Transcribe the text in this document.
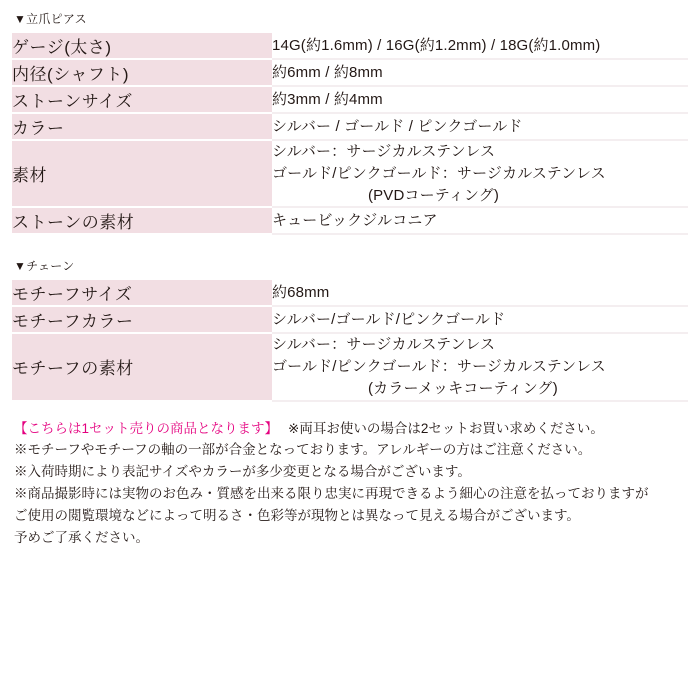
▼立爪ピアス
ゲージ(太さ)	14G(約1.6mm) / 16G(約1.2mm) / 18G(約1.0mm)

内径(シャフト)	約6mm / 約8mm

ストーンサイズ	約3mm / 約4mm

カラー	シルバー / ゴールド / ピンクゴールド

素材	シルバー：サージカルステンレス
ゴールド/ピンクゴールド：サージカルステンレス
(PVDコーティング)

ストーンの素材	キュービックジルコニア
▼チェーン
モチーフサイズ	約68mm

モチーフカラー	シルバー/ゴールド/ピンクゴールド

モチーフの素材	シルバー：サージカルステンレス
ゴールド/ピンクゴールド：サージカルステンレス
(カラーメッキコーティング)
【こちらは1セット売りの商品となります】 ※両耳お使いの場合は2セットお買い求めください。
※モチーフやモチーフの軸の一部が合金となっております。アレルギーの方はご注意ください。
※入荷時期により表記サイズやカラーが多少変更となる場合がございます。
※商品撮影時には実物のお色み・質感を出来る限り忠実に再現できるよう細心の注意を払っておりますが
ご使用の閲覧環境などによって明るさ・色彩等が現物とは異なって見える場合がございます。
予めご了承ください。
